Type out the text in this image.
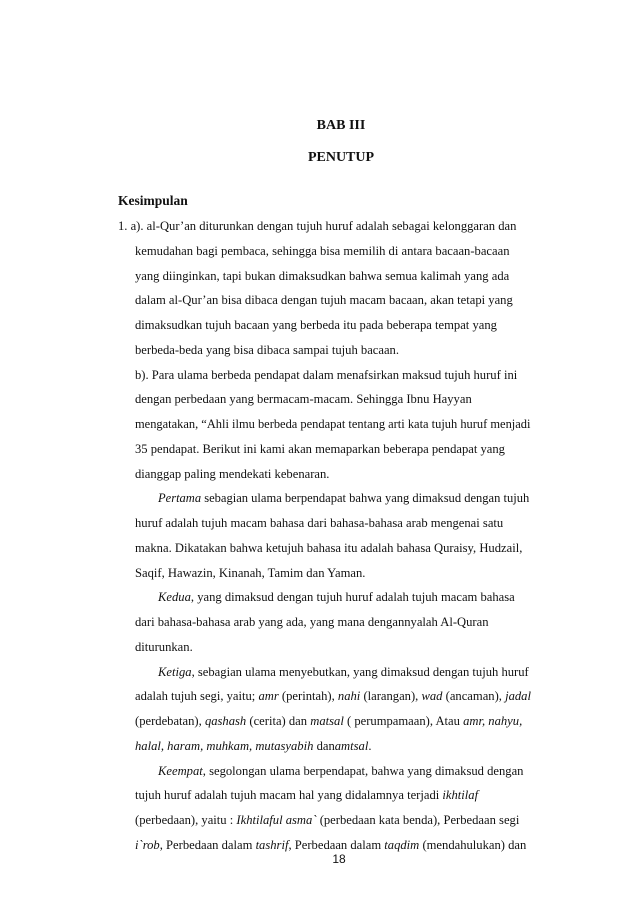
BAB III
PENUTUP
Kesimpulan
1. a). al-Qur’an diturunkan dengan tujuh huruf adalah sebagai kelonggaran dan
kemudahan bagi pembaca, sehingga bisa memilih di antara bacaan-bacaan
yang diinginkan, tapi bukan dimaksudkan bahwa semua kalimah yang ada
dalam al-Qur’an bisa dibaca dengan tujuh macam bacaan, akan tetapi yang
dimaksudkan tujuh bacaan yang berbeda itu pada beberapa tempat yang
berbeda-beda yang bisa dibaca sampai tujuh bacaan.
b). Para ulama berbeda pendapat dalam menafsirkan maksud tujuh huruf ini
dengan perbedaan yang bermacam-macam. Sehingga Ibnu Hayyan
mengatakan, “Ahli ilmu berbeda pendapat tentang arti kata tujuh huruf menjadi
35 pendapat. Berikut ini kami akan memaparkan beberapa pendapat yang
dianggap paling mendekati kebenaran.
Pertama sebagian ulama berpendapat bahwa yang dimaksud dengan tujuh
huruf adalah tujuh macam bahasa dari bahasa-bahasa arab mengenai satu
makna. Dikatakan bahwa ketujuh bahasa itu adalah bahasa Quraisy, Hudzail,
Saqif, Hawazin, Kinanah, Tamim dan Yaman.
Kedua, yang dimaksud dengan tujuh huruf adalah tujuh macam bahasa
dari bahasa-bahasa arab yang ada, yang mana dengannyalah Al-Quran
diturunkan.
Ketiga, sebagian ulama menyebutkan, yang dimaksud dengan tujuh huruf
adalah tujuh segi, yaitu; amr (perintah), nahi (larangan), wad (ancaman), jadal
(perdebatan), qashash (cerita) dan matsal ( perumpamaan), Atau amr, nahyu,
halal, haram, muhkam, mutasyabih danamtsal.
Keempat, segolongan ulama berpendapat, bahwa yang dimaksud dengan
tujuh huruf adalah tujuh macam hal yang didalamnya terjadi ikhtilaf
(perbedaan), yaitu : Ikhtilaful asma` (perbedaan kata benda), Perbedaan segi
i`rob, Perbedaan dalam tashrif, Perbedaan dalam taqdim (mendahulukan) dan
18
